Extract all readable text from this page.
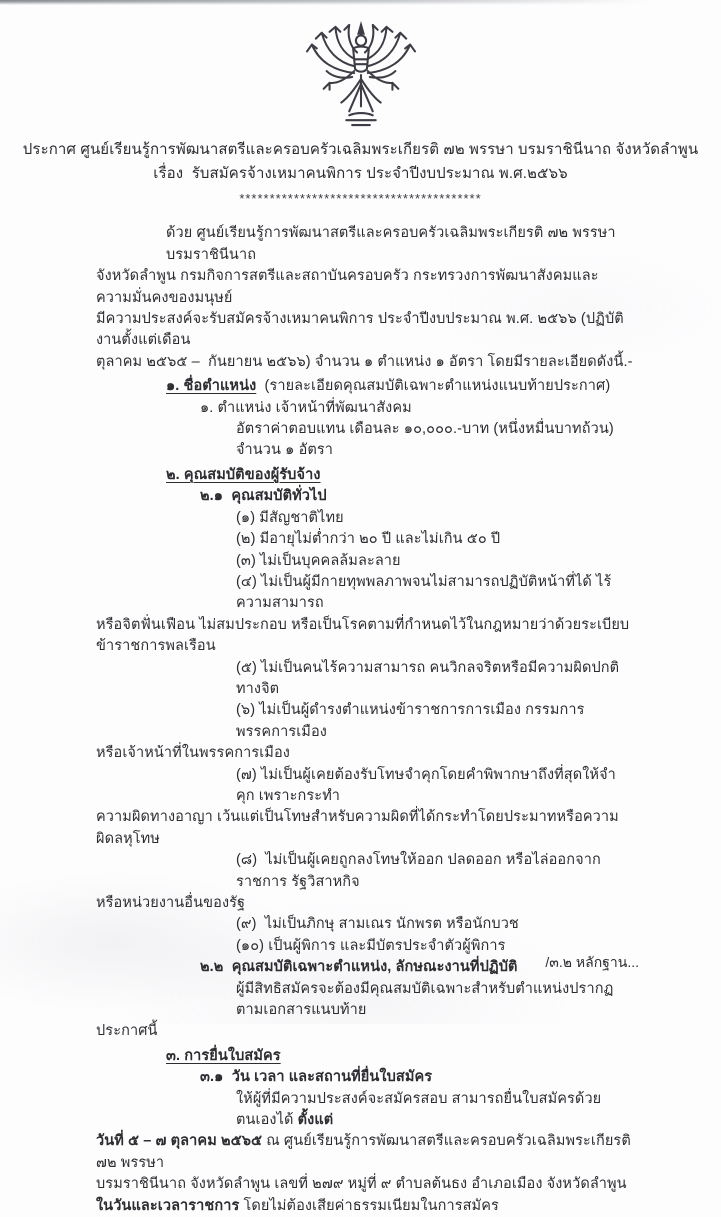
ประกาศ ศูนย์เรียนรู้การพัฒนาสตรีและครอบครัวเฉลิมพระเกียรติ ๗๒ พรรษา บรมราชินีนาถ จังหวัดลำพูน
เรื่อง  รับสมัครจ้างเหมาคนพิการ ประจำปีงบประมาณ พ.ศ.๒๕๖๖
****************************************
ด้วย ศูนย์เรียนรู้การพัฒนาสตรีและครอบครัวเฉลิมพระเกียรติ ๗๒ พรรษา บรมราชินีนาถ
จังหวัดลำพูน กรมกิจการสตรีและสถาบันครอบครัว กระทรวงการพัฒนาสังคมและความมั่นคงของมนุษย์
มีความประสงค์จะรับสมัครจ้างเหมาคนพิการ ประจำปีงบประมาณ พ.ศ. ๒๕๖๖ (ปฏิบัติงานตั้งแต่เดือน
ตุลาคม ๒๕๖๕ –  กันยายน ๒๕๖๖) จำนวน ๑ ตำแหน่ง ๑ อัตรา โดยมีรายละเอียดดังนี้.-
๑. ชื่อตำแหน่ง  (รายละเอียดคุณสมบัติเฉพาะตำแหน่งแนบท้ายประกาศ)
๑. ตำแหน่ง เจ้าหน้าที่พัฒนาสังคม
อัตราค่าตอบแทน เดือนละ ๑๐,๐๐๐.-บาท (หนึ่งหมื่นบาทถ้วน) จำนวน ๑ อัตรา
๒. คุณสมบัติของผู้รับจ้าง
๒.๑  คุณสมบัติทั่วไป
(๑) มีสัญชาติไทย
(๒) มีอายุไม่ต่ำกว่า ๒๐ ปี และไม่เกิน ๕๐ ปี
(๓) ไม่เป็นบุคคลล้มละลาย
(๔) ไม่เป็นผู้มีกายทุพพลภาพจนไม่สามารถปฏิบัติหน้าที่ได้ ไร้ความสามารถ
หรือจิตฟั่นเฟือน ไม่สมประกอบ หรือเป็นโรคตามที่กำหนดไว้ในกฎหมายว่าด้วยระเบียบข้าราชการพลเรือน
(๕) ไม่เป็นคนไร้ความสามารถ คนวิกลจริตหรือมีความผิดปกติทางจิต
(๖) ไม่เป็นผู้ดำรงตำแหน่งข้าราชการการเมือง กรรมการพรรคการเมือง
หรือเจ้าหน้าที่ในพรรคการเมือง
(๗) ไม่เป็นผู้เคยต้องรับโทษจำคุกโดยคำพิพากษาถึงที่สุดให้จำคุก เพราะกระทำ
ความผิดทางอาญา เว้นแต่เป็นโทษสำหรับความผิดที่ได้กระทำโดยประมาทหรือความผิดลหุโทษ
(๘)  ไม่เป็นผู้เคยถูกลงโทษให้ออก ปลดออก หรือไล่ออกจากราชการ รัฐวิสาหกิจ
หรือหน่วยงานอื่นของรัฐ
(๙)  ไม่เป็นภิกษุ สามเณร นักพรต หรือนักบวช
(๑๐) เป็นผู้พิการ และมีบัตรประจำตัวผู้พิการ
๒.๒  คุณสมบัติเฉพาะตำแหน่ง, ลักษณะงานที่ปฏิบัติ
ผู้มีสิทธิสมัครจะต้องมีคุณสมบัติเฉพาะสำหรับตำแหน่งปรากฏตามเอกสารแนบท้าย
ประกาศนี้
๓. การยื่นใบสมัคร
๓.๑  วัน เวลา และสถานที่ยื่นใบสมัคร
ให้ผู้ที่มีความประสงค์จะสมัครสอบ สามารถยื่นใบสมัครด้วยตนเองได้ ตั้งแต่
วันที่ ๕ – ๗ ตุลาคม ๒๕๖๕ ณ ศูนย์เรียนรู้การพัฒนาสตรีและครอบครัวเฉลิมพระเกียรติ ๗๒ พรรษา
บรมราชินีนาถ จังหวัดลำพูน เลขที่ ๒๗๙ หมู่ที่ ๙ ตำบลต้นธง อำเภอเมือง จังหวัดลำพูน
ในวันและเวลาราชการ โดยไม่ต้องเสียค่าธรรมเนียมในการสมัคร
/๓.๒ หลักฐาน...
